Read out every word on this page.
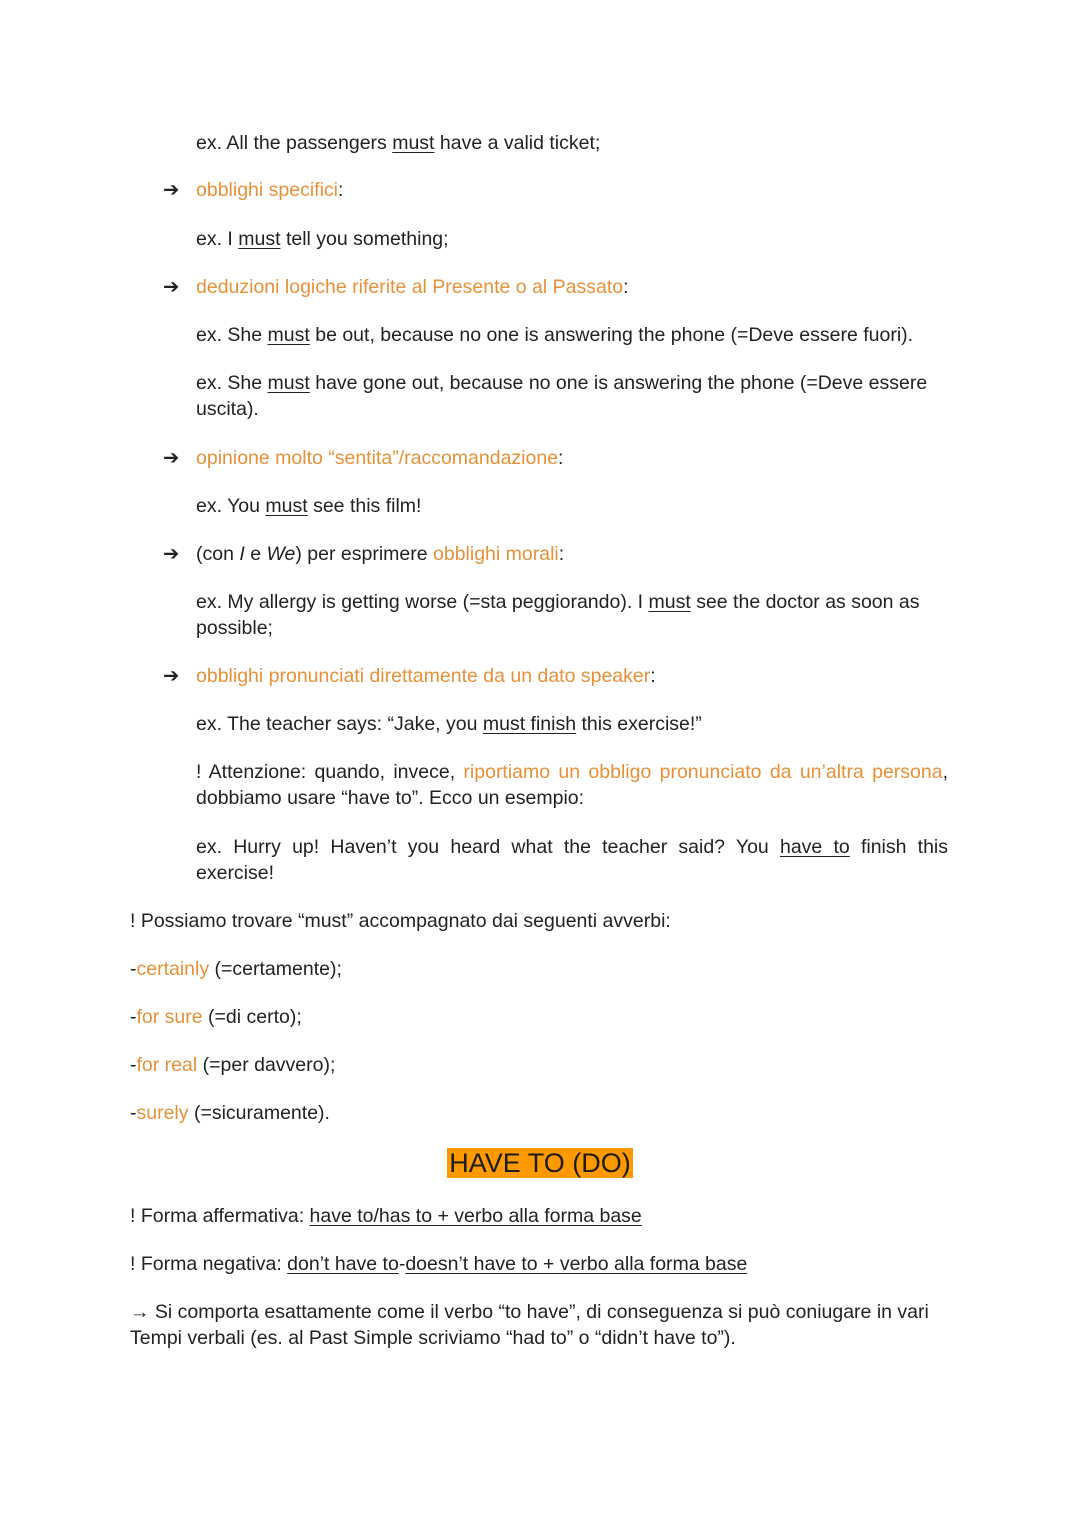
ex. All the passengers must have a valid ticket;
➔ obblighi specifici:
ex. I must tell you something;
➔ deduzioni logiche riferite al Presente o al Passato:
ex. She must be out, because no one is answering the phone (=Deve essere fuori).
ex. She must have gone out, because no one is answering the phone (=Deve essere uscita).
➔ opinione molto “sentita”/raccomandazione:
ex. You must see this film!
➔ (con I e We) per esprimere obblighi morali:
ex. My allergy is getting worse (=sta peggiorando). I must see the doctor as soon as possible;
➔ obblighi pronunciati direttamente da un dato speaker:
ex. The teacher says: “Jake, you must finish this exercise!”
! Attenzione: quando, invece, riportiamo un obbligo pronunciato da un’altra persona, dobbiamo usare “have to”. Ecco un esempio:
ex. Hurry up! Haven’t you heard what the teacher said? You have to finish this exercise!
! Possiamo trovare “must” accompagnato dai seguenti avverbi:
-certainly (=certamente);
-for sure (=di certo);
-for real (=per davvero);
-surely (=sicuramente).
HAVE TO (DO)
! Forma affermativa: have to/has to + verbo alla forma base
! Forma negativa: don’t have to-doesn’t have to + verbo alla forma base
→ Si comporta esattamente come il verbo “to have”, di conseguenza si può coniugare in vari Tempi verbali (es. al Past Simple scriviamo “had to” o “didn’t have to”).
